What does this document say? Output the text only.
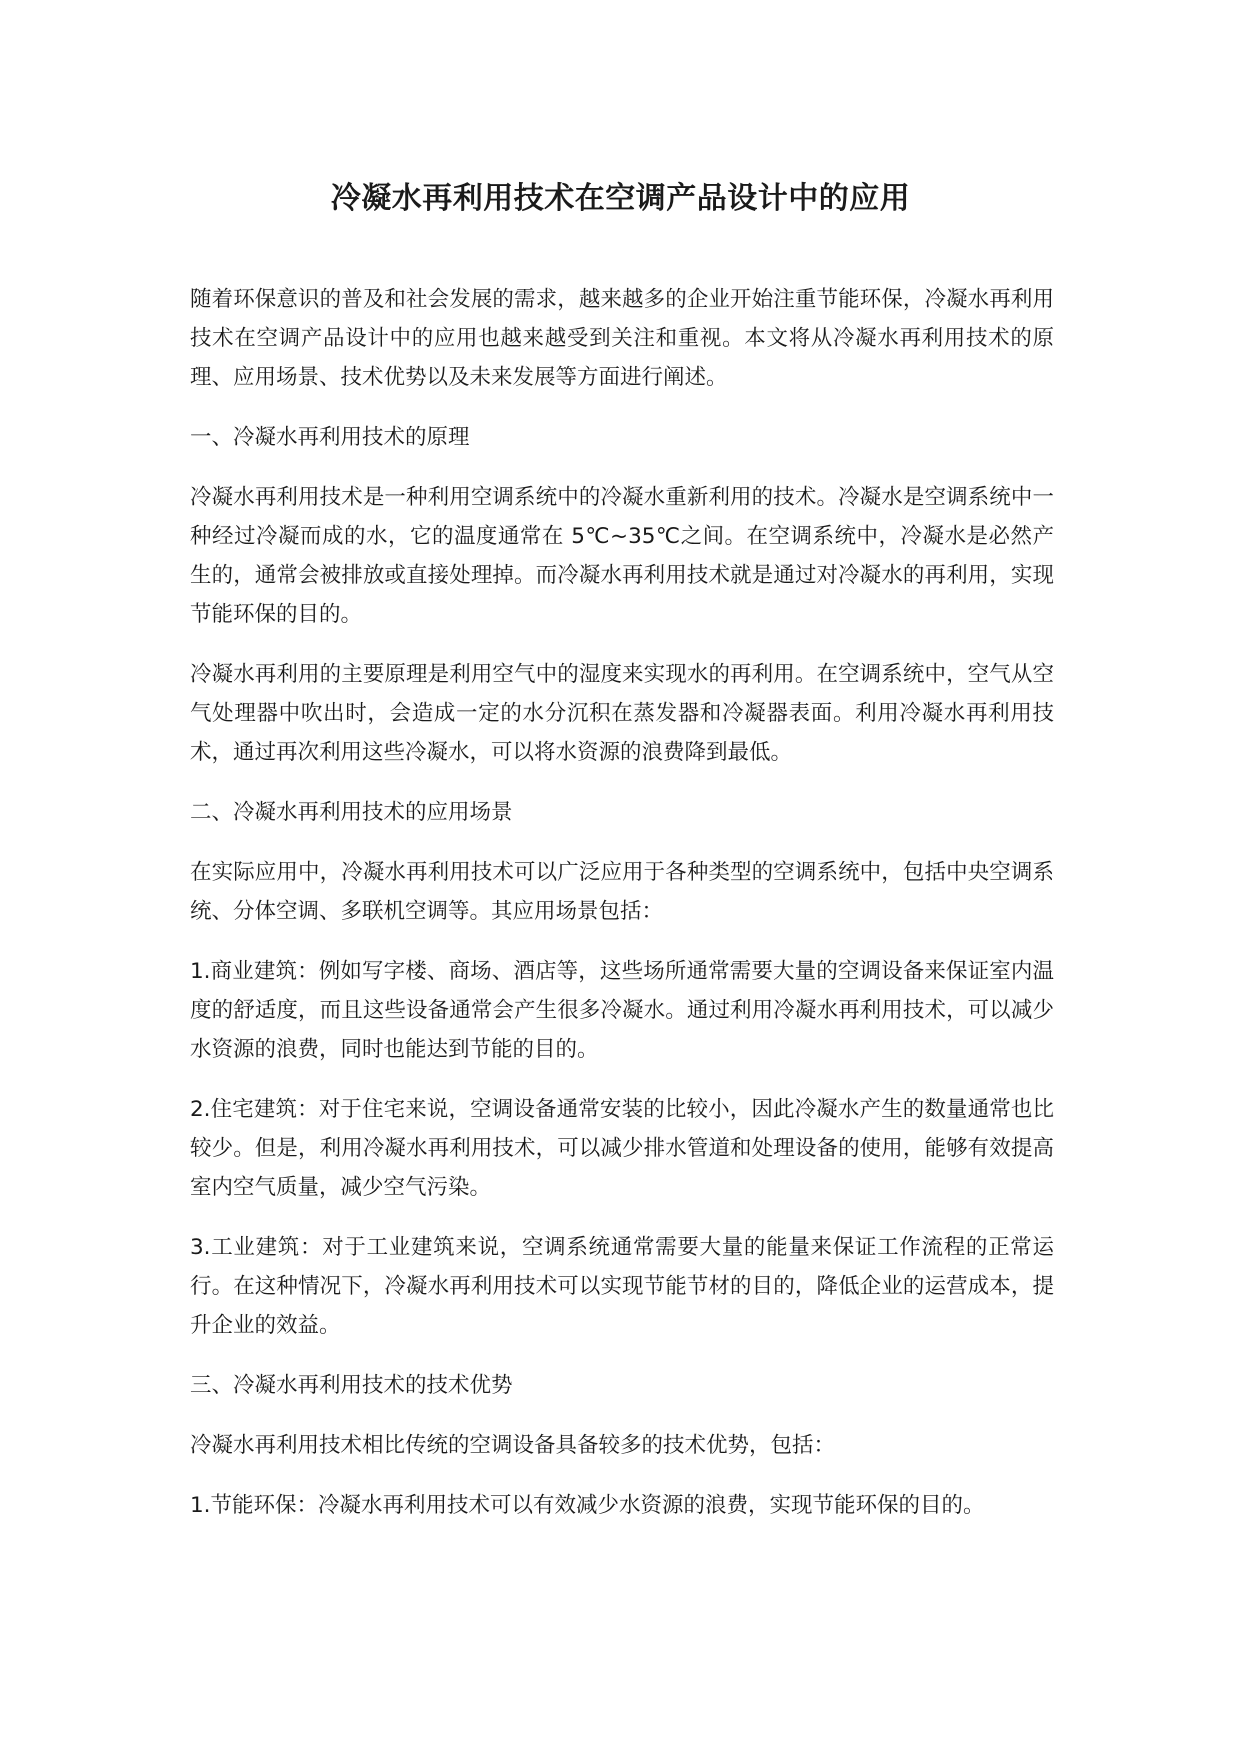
冷凝水再利用技术在空调产品设计中的应用

随着环保意识的普及和社会发展的需求，越来越多的企业开始注重节能环保，冷凝水再利用技术在空调产品设计中的应用也越来越受到关注和重视。本文将从冷凝水再利用技术的原理、应用场景、技术优势以及未来发展等方面进行阐述。

一、冷凝水再利用技术的原理

冷凝水再利用技术是一种利用空调系统中的冷凝水重新利用的技术。冷凝水是空调系统中一种经过冷凝而成的水，它的温度通常在 5℃~35℃之间。在空调系统中，冷凝水是必然产生的，通常会被排放或直接处理掉。而冷凝水再利用技术就是通过对冷凝水的再利用，实现节能环保的目的。

冷凝水再利用的主要原理是利用空气中的湿度来实现水的再利用。在空调系统中，空气从空气处理器中吹出时，会造成一定的水分沉积在蒸发器和冷凝器表面。利用冷凝水再利用技术，通过再次利用这些冷凝水，可以将水资源的浪费降到最低。

二、冷凝水再利用技术的应用场景

在实际应用中，冷凝水再利用技术可以广泛应用于各种类型的空调系统中，包括中央空调系统、分体空调、多联机空调等。其应用场景包括：

1.商业建筑：例如写字楼、商场、酒店等，这些场所通常需要大量的空调设备来保证室内温度的舒适度，而且这些设备通常会产生很多冷凝水。通过利用冷凝水再利用技术，可以减少水资源的浪费，同时也能达到节能的目的。

2.住宅建筑：对于住宅来说，空调设备通常安装的比较小，因此冷凝水产生的数量通常也比较少。但是，利用冷凝水再利用技术，可以减少排水管道和处理设备的使用，能够有效提高室内空气质量，减少空气污染。

3.工业建筑：对于工业建筑来说，空调系统通常需要大量的能量来保证工作流程的正常运行。在这种情况下，冷凝水再利用技术可以实现节能节材的目的，降低企业的运营成本，提升企业的效益。

三、冷凝水再利用技术的技术优势

冷凝水再利用技术相比传统的空调设备具备较多的技术优势，包括：

1.节能环保：冷凝水再利用技术可以有效减少水资源的浪费，实现节能环保的目的。
